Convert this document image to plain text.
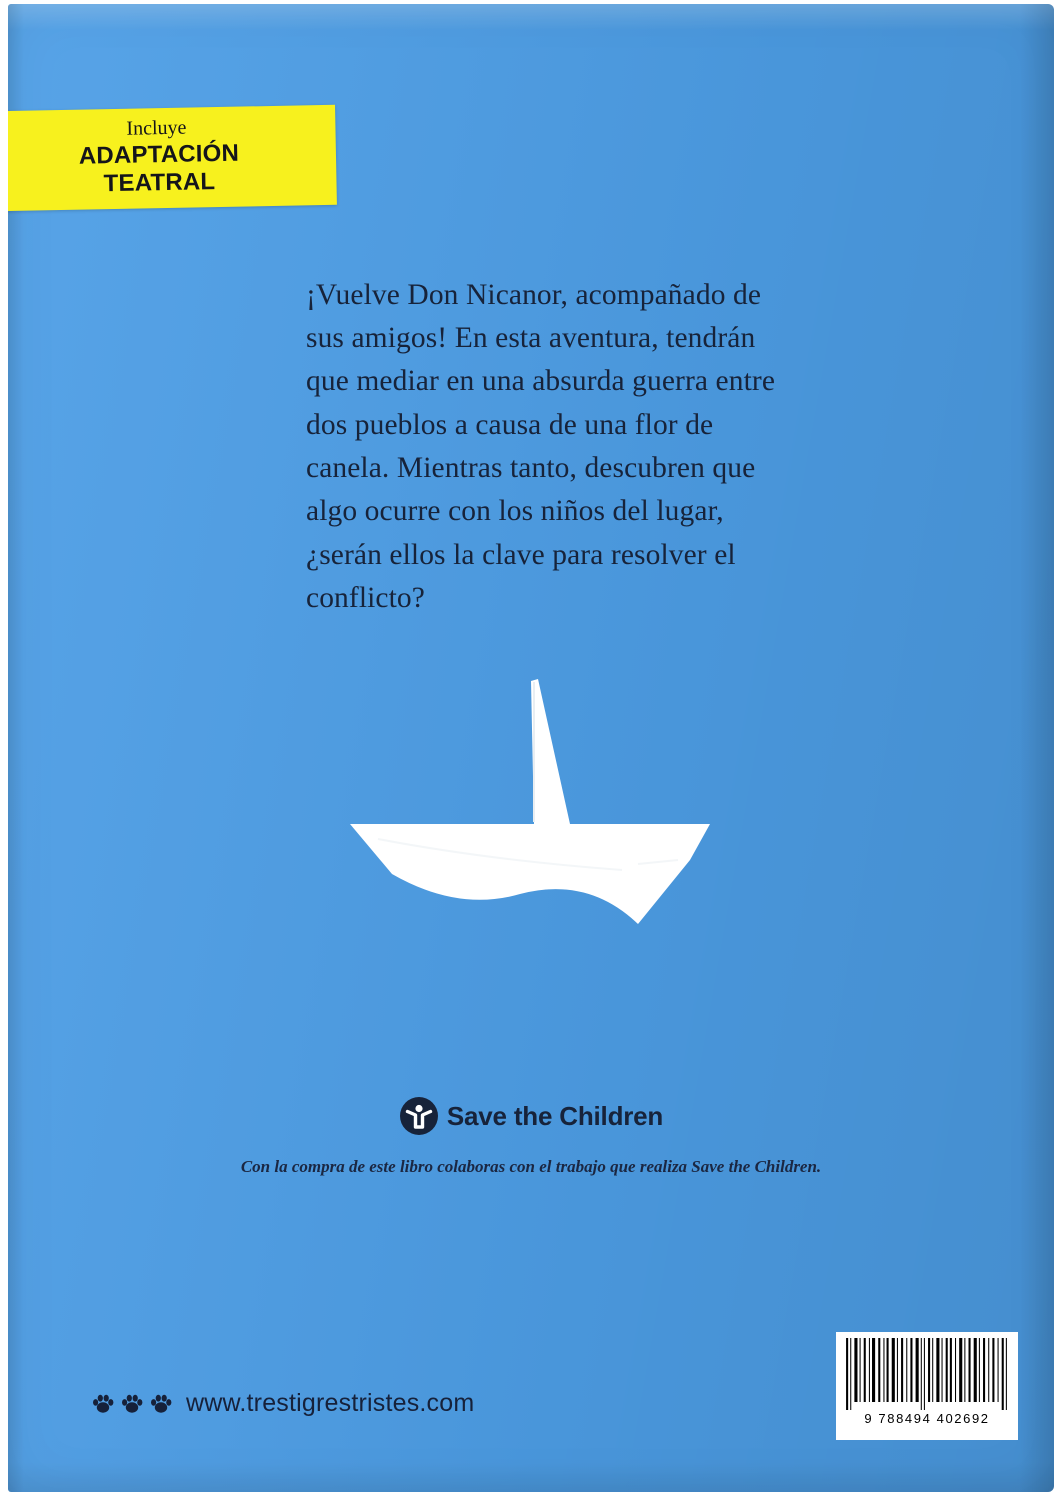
Incluye
ADAPTACIÓN TEATRAL

¡Vuelve Don Nicanor, acompañado de sus amigos! En esta aventura, tendrán que mediar en una absurda guerra entre dos pueblos a causa de una flor de canela. Mientras tanto, descubren que algo ocurre con los niños del lugar, ¿serán ellos la clave para resolver el conflicto?

Save the Children
Con la compra de este libro colaboras con el trabajo que realiza Save the Children.
www.trestigrestristes.com
9 788494 402692
